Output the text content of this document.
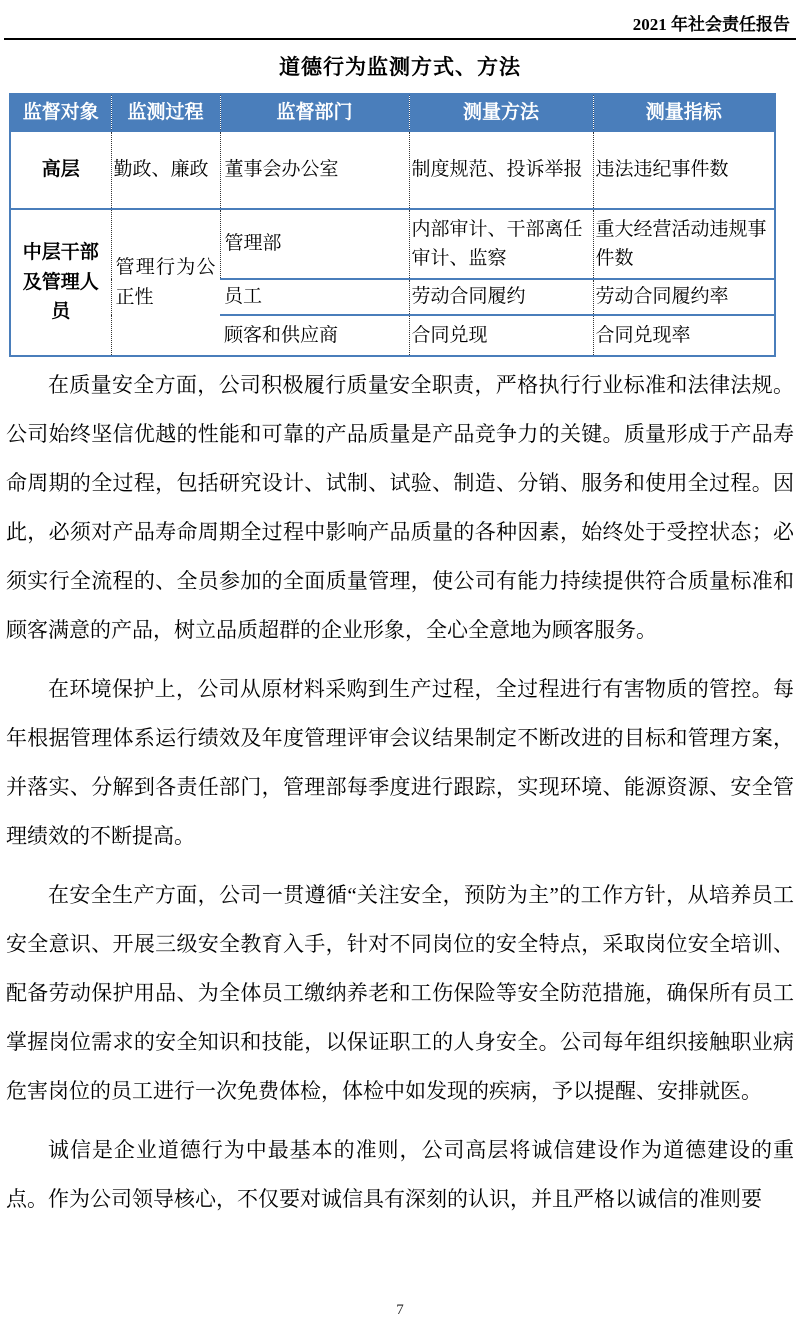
2021 年社会责任报告
道德行为监测方式、方法
监督对象	监测过程	监督部门	测量方法	测量指标
高层	勤政、廉政	董事会办公室	制度规范、投诉举报	违法违纪事件数
中层干部及管理人员	管理行为公正性	管理部	内部审计、干部离任审计、监察	重大经营活动违规事件数
		员工	劳动合同履约	劳动合同履约率
		顾客和供应商	合同兑现	合同兑现率

在质量安全方面，公司积极履行质量安全职责，严格执行行业标准和法律法规。公司始终坚信优越的性能和可靠的产品质量是产品竞争力的关键。质量形成于产品寿命周期的全过程，包括研究设计、试制、试验、制造、分销、服务和使用全过程。因此，必须对产品寿命周期全过程中影响产品质量的各种因素，始终处于受控状态；必须实行全流程的、全员参加的全面质量管理，使公司有能力持续提供符合质量标准和顾客满意的产品，树立品质超群的企业形象，全心全意地为顾客服务。

在环境保护上，公司从原材料采购到生产过程，全过程进行有害物质的管控。每年根据管理体系运行绩效及年度管理评审会议结果制定不断改进的目标和管理方案，并落实、分解到各责任部门，管理部每季度进行跟踪，实现环境、能源资源、安全管理绩效的不断提高。

在安全生产方面，公司一贯遵循“关注安全，预防为主”的工作方针，从培养员工安全意识、开展三级安全教育入手，针对不同岗位的安全特点，采取岗位安全培训、配备劳动保护用品、为全体员工缴纳养老和工伤保险等安全防范措施，确保所有员工掌握岗位需求的安全知识和技能，以保证职工的人身安全。公司每年组织接触职业病危害岗位的员工进行一次免费体检，体检中如发现的疾病，予以提醒、安排就医。

诚信是企业道德行为中最基本的准则，公司高层将诚信建设作为道德建设的重点。作为公司领导核心，不仅要对诚信具有深刻的认识，并且严格以诚信的准则要

7
